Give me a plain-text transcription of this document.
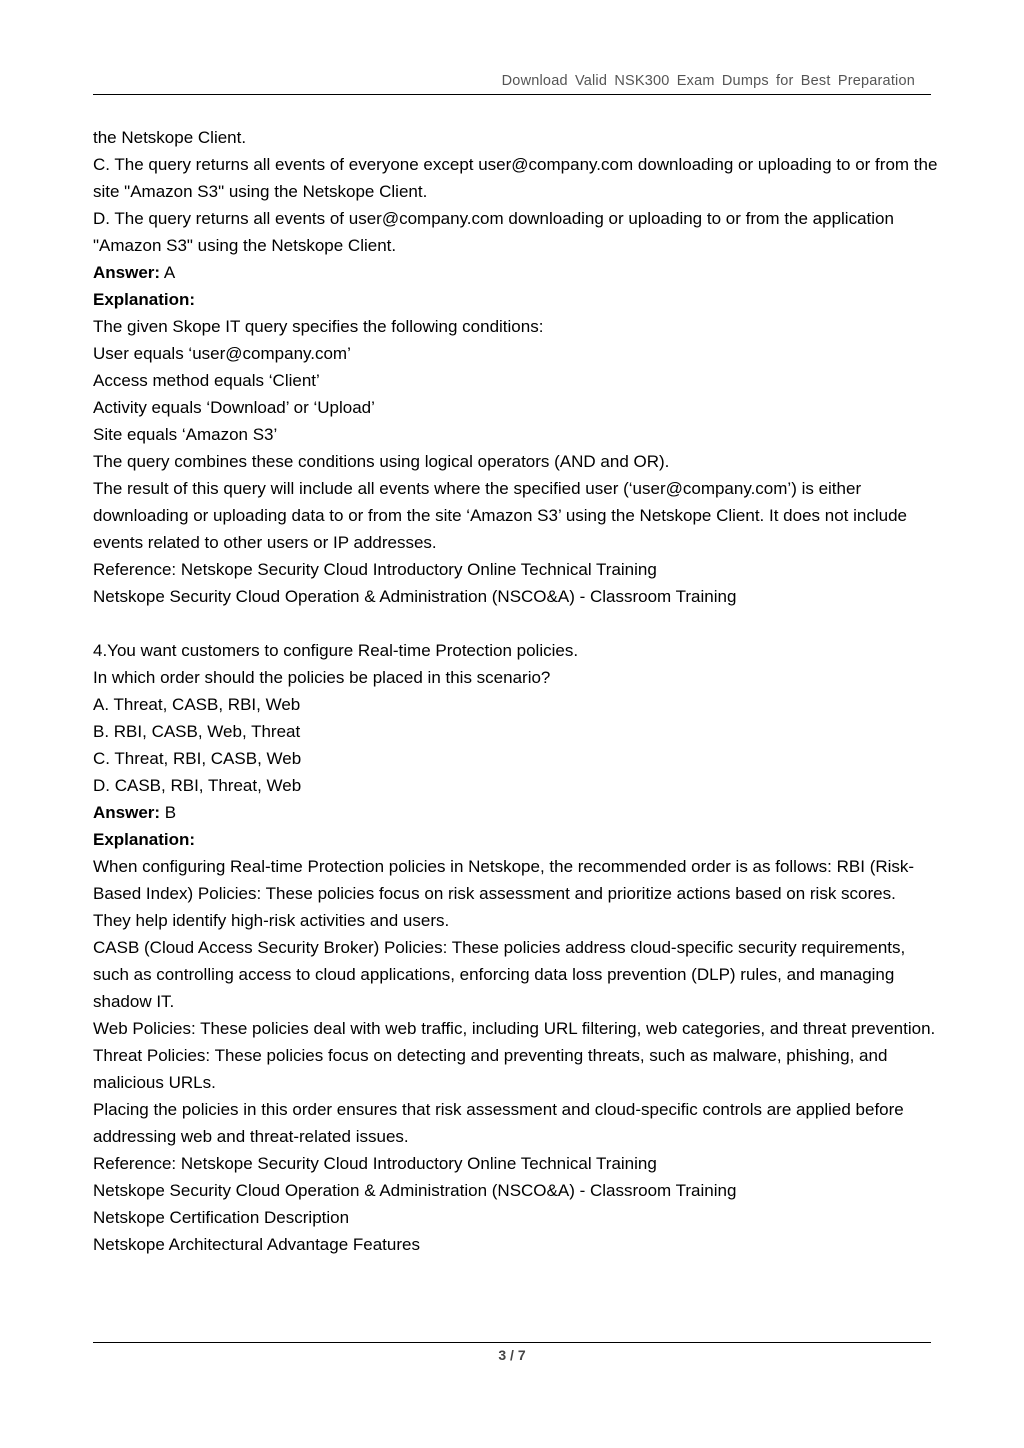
Download Valid NSK300 Exam Dumps for Best Preparation

the Netskope Client.

C. The query returns all events of everyone except user@company.com downloading or uploading to or from the site "Amazon S3" using the Netskope Client.

D. The query returns all events of user@company.com downloading or uploading to or from the application "Amazon S3" using the Netskope Client.

Answer: A

Explanation:

The given Skope IT query specifies the following conditions:

User equals ‘user@company.com’

Access method equals ‘Client’

Activity equals ‘Download’ or ‘Upload’

Site equals ‘Amazon S3’

The query combines these conditions using logical operators (AND and OR).

The result of this query will include all events where the specified user (‘user@company.com’) is either downloading or uploading data to or from the site ‘Amazon S3’ using the Netskope Client. It does not include events related to other users or IP addresses.

Reference: Netskope Security Cloud Introductory Online Technical Training

Netskope Security Cloud Operation & Administration (NSCO&A) - Classroom Training

4.You want customers to configure Real-time Protection policies.

In which order should the policies be placed in this scenario?

A. Threat, CASB, RBI, Web

B. RBI, CASB, Web, Threat

C. Threat, RBI, CASB, Web

D. CASB, RBI, Threat, Web

Answer: B

Explanation:

When configuring Real-time Protection policies in Netskope, the recommended order is as follows: RBI (Risk-Based Index) Policies: These policies focus on risk assessment and prioritize actions based on risk scores. They help identify high-risk activities and users.

CASB (Cloud Access Security Broker) Policies: These policies address cloud-specific security requirements, such as controlling access to cloud applications, enforcing data loss prevention (DLP) rules, and managing shadow IT.

Web Policies: These policies deal with web traffic, including URL filtering, web categories, and threat prevention.

Threat Policies: These policies focus on detecting and preventing threats, such as malware, phishing, and malicious URLs.

Placing the policies in this order ensures that risk assessment and cloud-specific controls are applied before addressing web and threat-related issues.

Reference: Netskope Security Cloud Introductory Online Technical Training

Netskope Security Cloud Operation & Administration (NSCO&A) - Classroom Training

Netskope Certification Description

Netskope Architectural Advantage Features

3 / 7
